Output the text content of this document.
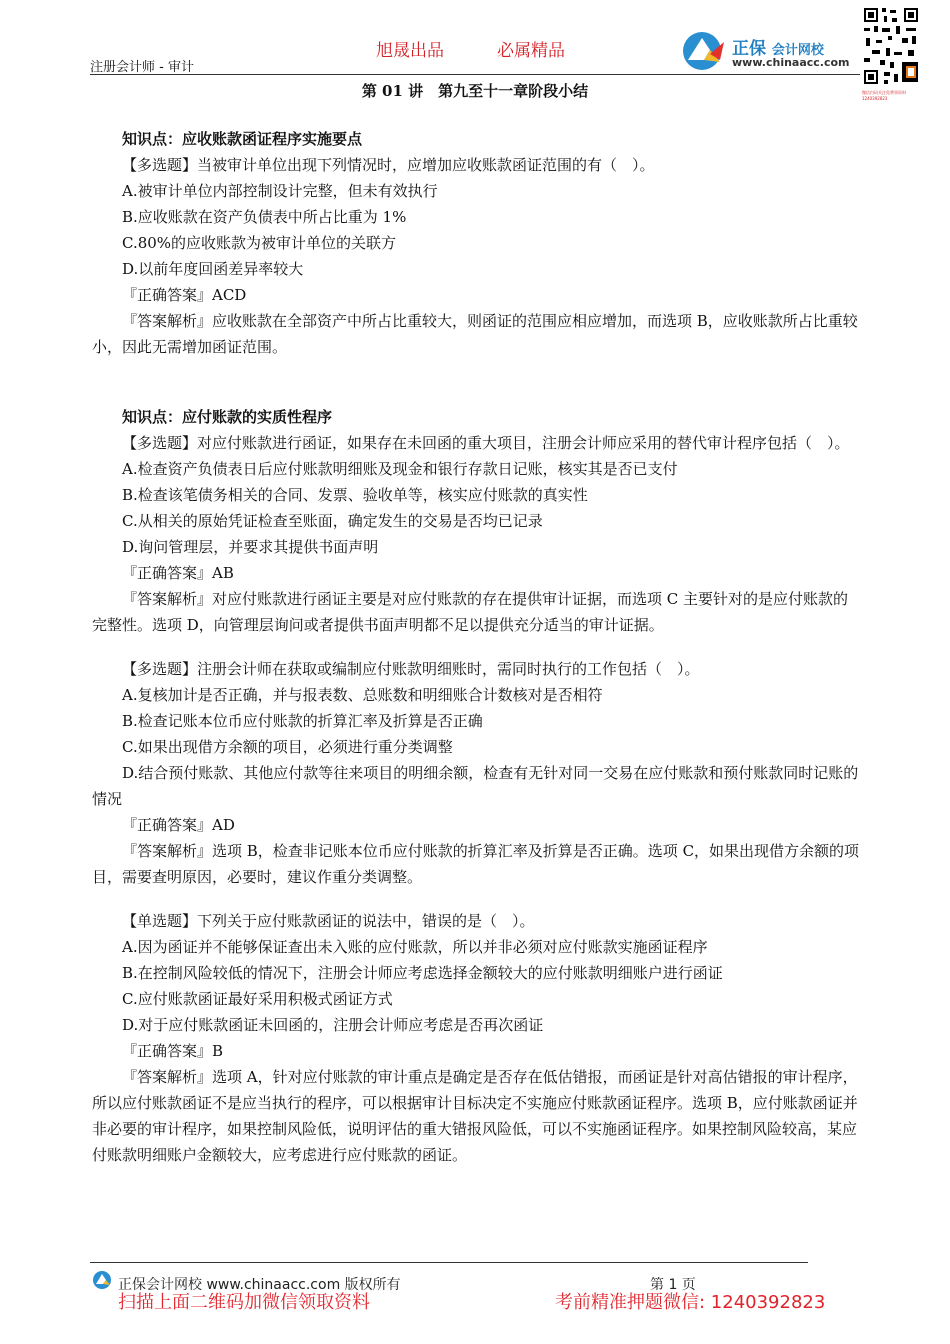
注册会计师 - 审计
旭晟出品	必属精品	正保 会计网校
www.chinaacc.com
微信扫码关注免费领资料 1240392823
第 01 讲　第九至十一章阶段小结

知识点：应收账款函证程序实施要点

【多选题】当被审计单位出现下列情况时，应增加应收账款函证范围的有（　）。

A.被审计单位内部控制设计完整，但未有效执行

B.应收账款在资产负债表中所占比重为 1%

C.80%的应收账款为被审计单位的关联方

D.以前年度回函差异率较大

『正确答案』ACD

『答案解析』应收账款在全部资产中所占比重较大，则函证的范围应相应增加，而选项 B，应收账款所占比重较小，因此无需增加函证范围。

知识点：应付账款的实质性程序

【多选题】对应付账款进行函证，如果存在未回函的重大项目，注册会计师应采用的替代审计程序包括（　）。

A.检查资产负债表日后应付账款明细账及现金和银行存款日记账，核实其是否已支付

B.检查该笔债务相关的合同、发票、验收单等，核实应付账款的真实性

C.从相关的原始凭证检查至账面，确定发生的交易是否均已记录

D.询问管理层，并要求其提供书面声明

『正确答案』AB

『答案解析』对应付账款进行函证主要是对应付账款的存在提供审计证据，而选项 C 主要针对的是应付账款的完整性。选项 D，向管理层询问或者提供书面声明都不足以提供充分适当的审计证据。

【多选题】注册会计师在获取或编制应付账款明细账时，需同时执行的工作包括（　）。

A.复核加计是否正确，并与报表数、总账数和明细账合计数核对是否相符

B.检查记账本位币应付账款的折算汇率及折算是否正确

C.如果出现借方余额的项目，必须进行重分类调整

D.结合预付账款、其他应付款等往来项目的明细余额，检查有无针对同一交易在应付账款和预付账款同时记账的情况

『正确答案』AD

『答案解析』选项 B，检查非记账本位币应付账款的折算汇率及折算是否正确。选项 C，如果出现借方余额的项目，需要查明原因，必要时，建议作重分类调整。

【单选题】下列关于应付账款函证的说法中，错误的是（　）。

A.因为函证并不能够保证查出未入账的应付账款，所以并非必须对应付账款实施函证程序

B.在控制风险较低的情况下，注册会计师应考虑选择金额较大的应付账款明细账户进行函证

C.应付账款函证最好采用积极式函证方式

D.对于应付账款函证未回函的，注册会计师应考虑是否再次函证

『正确答案』B

『答案解析』选项 A，针对应付账款的审计重点是确定是否存在低估错报，而函证是针对高估错报的审计程序，所以应付账款函证不是应当执行的程序，可以根据审计目标决定不实施应付账款函证程序。选项 B，应付账款函证并非必要的审计程序，如果控制风险低，说明评估的重大错报风险低，可以不实施函证程序。如果控制风险较高，某应付账款明细账户金额较大，应考虑进行应付账款的函证。

正保会计网校 www.chinaacc.com 版权所有	第 1 页
扫描上面二维码加微信领取资料	考前精准押题微信: 1240392823
